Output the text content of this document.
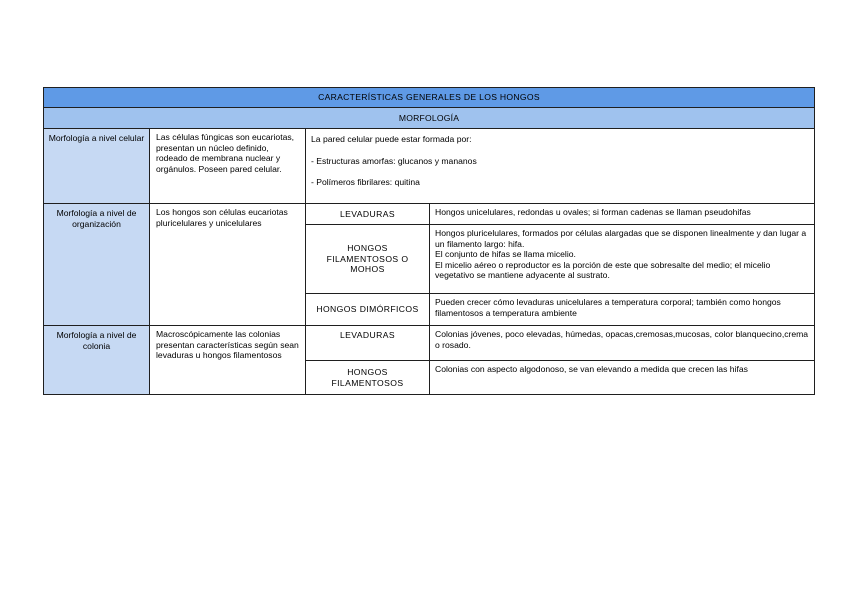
CARACTERÍSTICAS GENERALES DE LOS HONGOS			
MORFOLOGÍA			
Morfología a nivel celular	Las células fúngicas son eucariotas, presentan un núcleo definido, rodeado de membrana nuclear y orgánulos. Poseen pared celular.	La pared celular puede estar formada por:

- Estructuras amorfas: glucanos y mananos

- Polímeros fibrilares: quitina	

Morfología a nivel de organización	Los hongos son células eucariotas pluricelulares y unicelulares	LEVADURAS	Hongos unicelulares, redondas u ovales; si forman cadenas se llaman pseudohifas

		HONGOS FILAMENTOSOS O MOHOS	Hongos pluricelulares, formados por células alargadas que se disponen linealmente y dan lugar a un filamento largo: hifa.
El conjunto de hifas se llama micelio.
El micelio aéreo o reproductor es la porción de este que sobresalte del medio; el micelio vegetativo se mantiene adyacente al sustrato.

		HONGOS DIMÓRFICOS	Pueden crecer cómo levaduras unicelulares a temperatura corporal; también como hongos filamentosos a temperatura ambiente

Morfología a nivel de colonia	Macroscópicamente las colonias presentan características según sean levaduras u hongos filamentosos	LEVADURAS	Colonias jóvenes, poco elevadas, húmedas, opacas,cremosas,mucosas, color blanquecino,crema o rosado.

		HONGOS FILAMENTOSOS	Colonias con aspecto algodonoso, se van elevando a medida que crecen las hifas
